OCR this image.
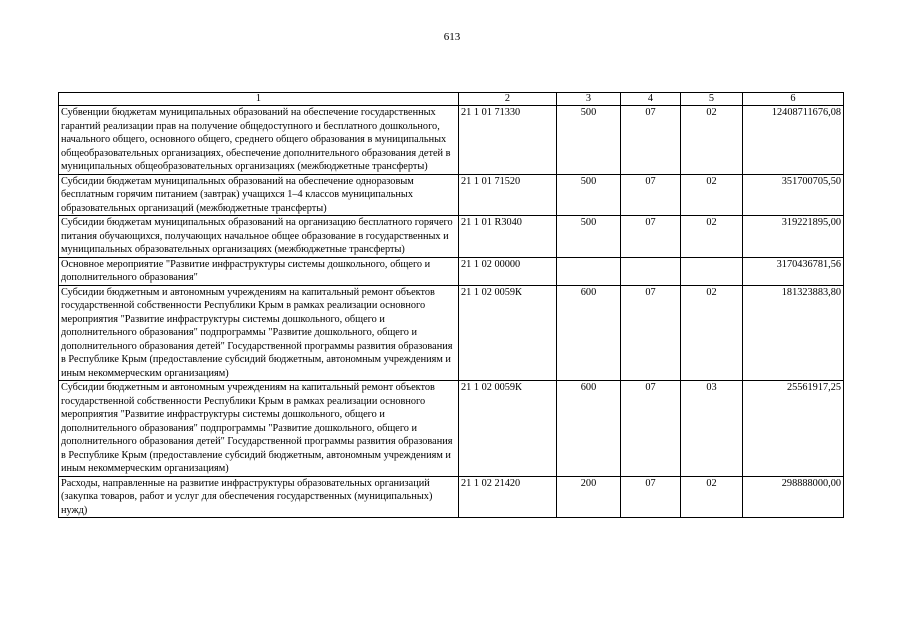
613
1	2	3	4	5	6
Субвенции бюджетам муниципальных образований на обеспечение государственных гарантий реализации прав на получение общедоступного и бесплатного дошкольного, начального общего, основного общего, среднего общего образования в муниципальных общеобразовательных организациях, обеспечение дополнительного образования детей в муниципальных общеобразовательных организациях (межбюджетные трансферты)	21 1 01 71330	500	07	02	12408711676,08
Субсидии бюджетам муниципальных образований на обеспечение одноразовым бесплатным горячим питанием (завтрак) учащихся 1–4 классов муниципальных образовательных организаций (межбюджетные трансферты)	21 1 01 71520	500	07	02	351700705,50
Субсидии бюджетам муниципальных образований на организацию бесплатного горячего питания обучающихся, получающих начальное общее образование в государственных и муниципальных образовательных организациях (межбюджетные трансферты)	21 1 01 R3040	500	07	02	319221895,00
Основное мероприятие "Развитие инфраструктуры системы дошкольного, общего и дополнительного образования"	21 1 02 00000				3170436781,56
Субсидии бюджетным и автономным учреждениям на капитальный ремонт объектов государственной собственности Республики Крым в рамках реализации основного мероприятия "Развитие инфраструктуры системы дошкольного, общего и дополнительного образования" подпрограммы "Развитие дошкольного, общего и дополнительного образования детей" Государственной программы развития образования в Республике Крым (предоставление субсидий бюджетным, автономным учреждениям и иным некоммерческим организациям)	21 1 02 0059К	600	07	02	181323883,80
Субсидии бюджетным и автономным учреждениям на капитальный ремонт объектов государственной собственности Республики Крым в рамках реализации основного мероприятия "Развитие инфраструктуры системы дошкольного, общего и дополнительного образования" подпрограммы "Развитие дошкольного, общего и дополнительного образования детей" Государственной программы развития образования в Республике Крым (предоставление субсидий бюджетным, автономным учреждениям и иным некоммерческим организациям)	21 1 02 0059К	600	07	03	25561917,25
Расходы, направленные на развитие инфраструктуры образовательных организаций (закупка товаров, работ и услуг для обеспечения государственных (муниципальных) нужд)	21 1 02 21420	200	07	02	298888000,00
